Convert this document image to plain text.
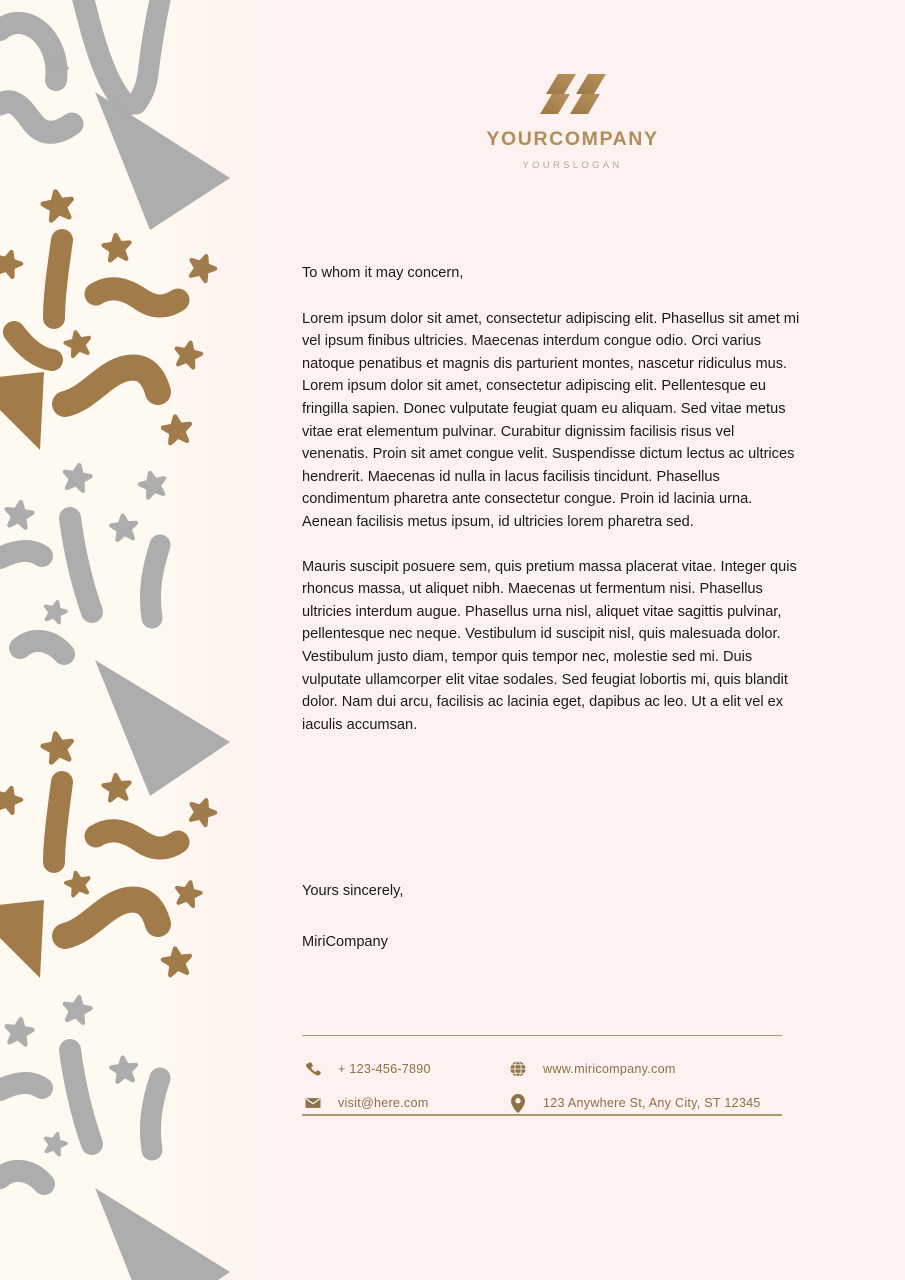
YOURCOMPANY
YOURSLOGAN

To whom it may concern,

Lorem ipsum dolor sit amet, consectetur adipiscing elit. Phasellus sit amet mi vel ipsum finibus ultricies. Maecenas interdum congue odio. Orci varius natoque penatibus et magnis dis parturient montes, nascetur ridiculus mus. Lorem ipsum dolor sit amet, consectetur adipiscing elit. Pellentesque eu fringilla sapien. Donec vulputate feugiat quam eu aliquam. Sed vitae metus vitae erat elementum pulvinar. Curabitur dignissim facilisis risus vel venenatis. Proin sit amet congue velit. Suspendisse dictum lectus ac ultrices hendrerit. Maecenas id nulla in lacus facilisis tincidunt. Phasellus condimentum pharetra ante consectetur congue. Proin id lacinia urna. Aenean facilisis metus ipsum, id ultricies lorem pharetra sed.

Mauris suscipit posuere sem, quis pretium massa placerat vitae. Integer quis rhoncus massa, ut aliquet nibh. Maecenas ut fermentum nisi. Phasellus ultricies interdum augue. Phasellus urna nisl, aliquet vitae sagittis pulvinar, pellentesque nec neque. Vestibulum id suscipit nisl, quis malesuada dolor. Vestibulum justo diam, tempor quis tempor nec, molestie sed mi. Duis vulputate ullamcorper elit vitae sodales. Sed feugiat lobortis mi, quis blandit dolor. Nam dui arcu, facilisis ac lacinia eget, dapibus ac leo. Ut a elit vel ex iaculis accumsan.

Yours sincerely,

MiriCompany

+ 123-456-7890
visit@here.com
www.miricompany.com
123 Anywhere St, Any City, ST 12345
